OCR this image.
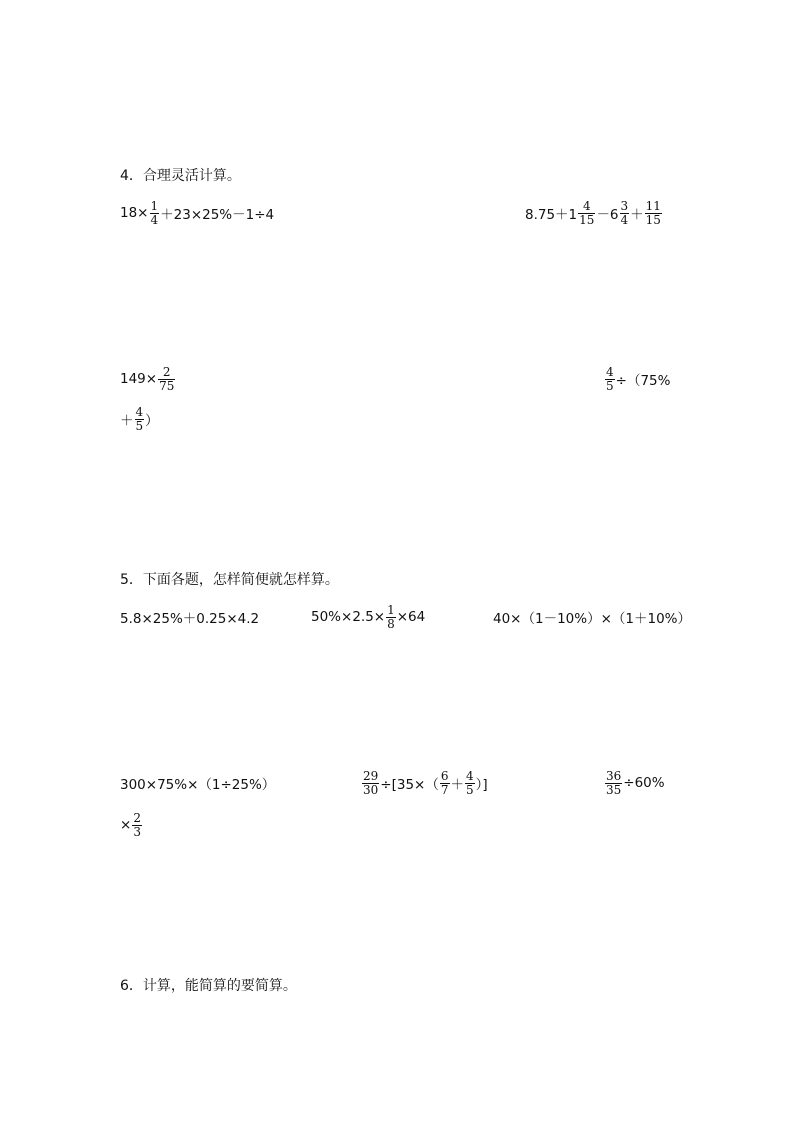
4．合理灵活计算。
$18\times \frac{1}{4} +23\times 25\%-1\div 4$	$8.75+1 \frac{4}{15} -6 \frac{3}{4} + \frac{11}{15}$
$149\times \frac{2}{75}$	$\frac{4}{5} \div(75\%$
＋ $\frac{4}{5}$ ）
5．下面各题，怎样简便就怎样算。
5.8×25%＋0.25×4.2	$50\%\times 2.5\times \frac{1}{8} \times 64$	40×（1－10%）×（1＋10%）
300×75%×（1÷25%）
× $\frac{2}{3}$
$\frac{29}{30} \div[35\times( \frac{6}{7} + \frac{4}{5}$ ）]	$\frac{36}{35} \div 60\%$
6．计算，能简算的要简算。
